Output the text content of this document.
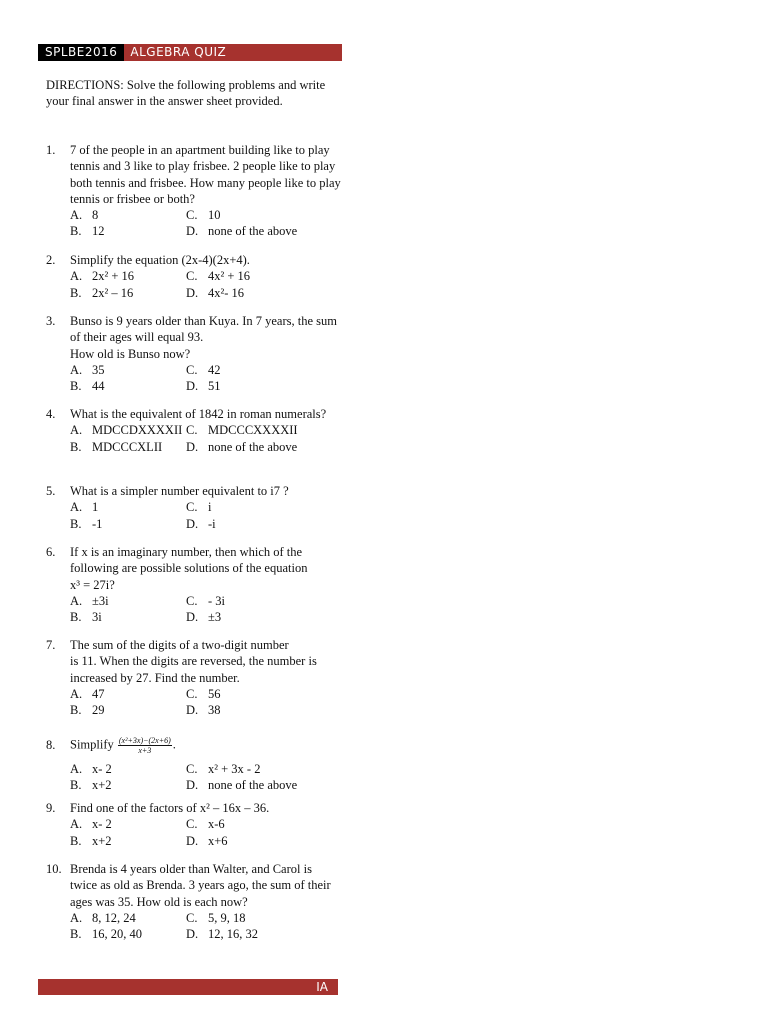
SPLBE2016	ALGEBRA QUIZ
DIRECTIONS: Solve the following problems and write your final answer in the answer sheet provided.
1.	7 of the people in an apartment building like to play tennis and 3 like to play frisbee. 2 people like to play both tennis and frisbee. How many people like to play tennis or frisbee or both?
A. 8	C. 10
B. 12	D. none of the above
2.	Simplify the equation (2x-4)(2x+4).
A. 2x² + 16	C. 4x² + 16
B. 2x² – 16	D. 4x²- 16
3.	Bunso is 9 years older than Kuya. In 7 years, the sum of their ages will equal 93.
How old is Bunso now?
A. 35	C. 42
B. 44	D. 51
4.	What is the equivalent of 1842 in roman numerals?
A. MDCCDXXXXII C. MDCCCXXXXII
B. MDCCCXLII D. none of the above
5.	What is a simpler number equivalent to i7 ?
A. 1	C. i
B. -1	D. -i
6.	If x is an imaginary number, then which of the following are possible solutions of the equation
x³ = 27i?
A. ±3i	C. - 3i
B. 3i	D. ±3
7.	The sum of the digits of a two-digit number
is 11. When the digits are reversed, the number is increased by 27. Find the number.
A. 47	C. 56
B. 29	D. 38
8.	Simplify $\frac{\text{(x²+3x)−(2x+6)}}{x+3}$ .
A. x- 2	C. x² + 3x - 2
B. x+2	D. none of the above
9.	Find one of the factors of x² – 16x – 36.
A. x- 2	C. x-6
B. x+2	D. x+6
10. Brenda is 4 years older than Walter, and Carol is twice as old as Brenda. 3 years ago, the sum of their ages was 35. How old is each now?
A. 8, 12, 24	C. 5, 9, 18
B. 16, 20, 40	D. 12, 16, 32
IA
